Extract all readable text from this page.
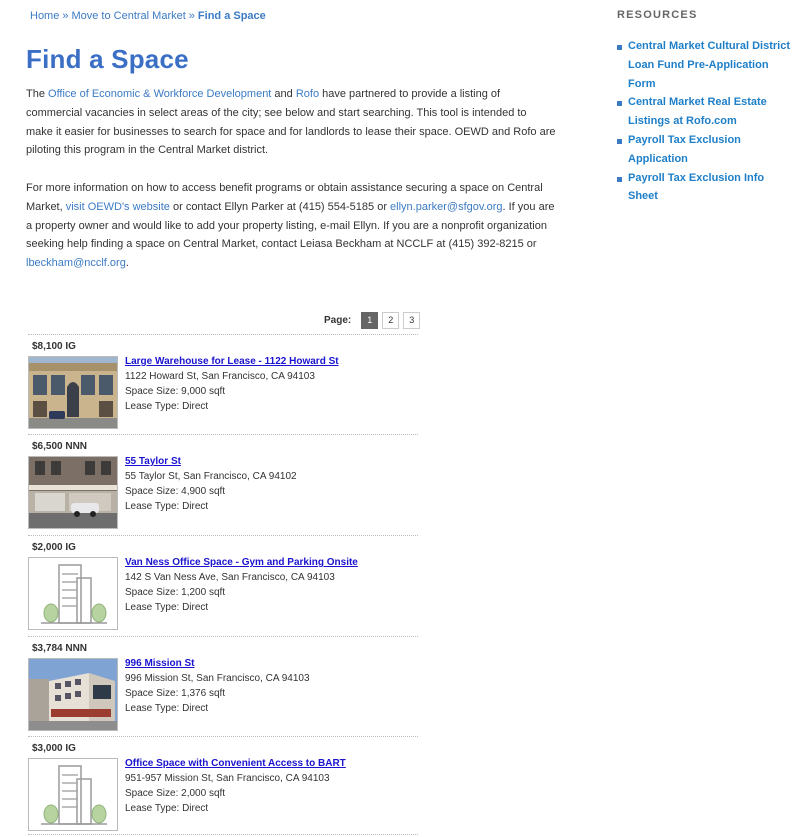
Home » Move to Central Market » Find a Space
Find a Space

The Office of Economic & Workforce Development and Rofo have partnered to provide a listing of commercial vacancies in select areas of the city; see below and start searching. This tool is intended to make it easier for businesses to search for space and for landlords to lease their space. OEWD and Rofo are piloting this program in the Central Market district.

For more information on how to access benefit programs or obtain assistance securing a space on Central Market, visit OEWD's website or contact Ellyn Parker at (415) 554-5185 or ellyn.parker@sfgov.org. If you are a property owner and would like to add your property listing, e-mail Ellyn. If you are a nonprofit organization seeking help finding a space on Central Market, contact Leiasa Beckham at NCCLF at (415) 392-8215 or lbeckham@ncclf.org.

RESOURCES
Central Market Cultural District Loan Fund Pre-Application Form
Central Market Real Estate Listings at Rofo.com
Payroll Tax Exclusion Application
Payroll Tax Exclusion Info Sheet
Page:	1	2	3
$8,100 IG
Large Warehouse for Lease - 1122 Howard St
1122 Howard St, San Francisco, CA 94103
Space Size: 9,000 sqft
Lease Type: Direct
$6,500 NNN
55 Taylor St
55 Taylor St, San Francisco, CA 94102
Space Size: 4,900 sqft
Lease Type: Direct
$2,000 IG
Van Ness Office Space - Gym and Parking Onsite
142 S Van Ness Ave, San Francisco, CA 94103
Space Size: 1,200 sqft
Lease Type: Direct
$3,784 NNN
996 Mission St
996 Mission St, San Francisco, CA 94103
Space Size: 1,376 sqft
Lease Type: Direct
$3,000 IG
Office Space with Convenient Access to BART
951-957 Mission St, San Francisco, CA 94103
Space Size: 2,000 sqft
Lease Type: Direct
